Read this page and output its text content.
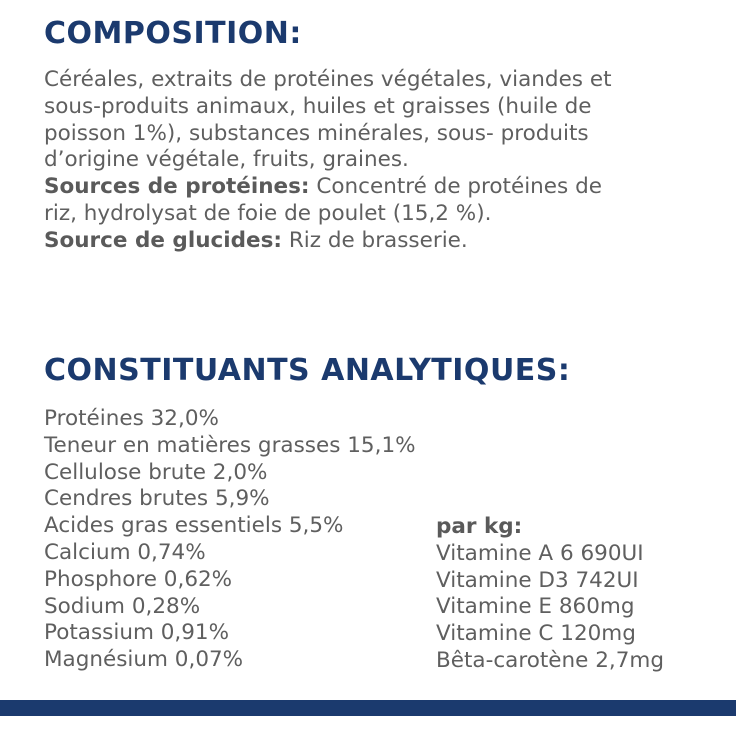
COMPOSITION:
Céréales, extraits de protéines végétales, viandes et
sous-produits animaux, huiles et graisses (huile de
poisson 1%), substances minérales, sous- produits
d’origine végétale, fruits, graines.
Sources de protéines: Concentré de protéines de
riz, hydrolysat de foie de poulet (15,2 %).
Source de glucides: Riz de brasserie.
CONSTITUANTS ANALYTIQUES:
Protéines 32,0%
Teneur en matières grasses 15,1%
Cellulose brute 2,0%
Cendres brutes 5,9%
Acides gras essentiels 5,5%
Calcium 0,74%
Phosphore 0,62%
Sodium 0,28%
Potassium 0,91%
Magnésium 0,07%
par kg:
Vitamine A 6 690UI
Vitamine D3 742UI
Vitamine E 860mg
Vitamine C 120mg
Bêta-carotène 2,7mg
